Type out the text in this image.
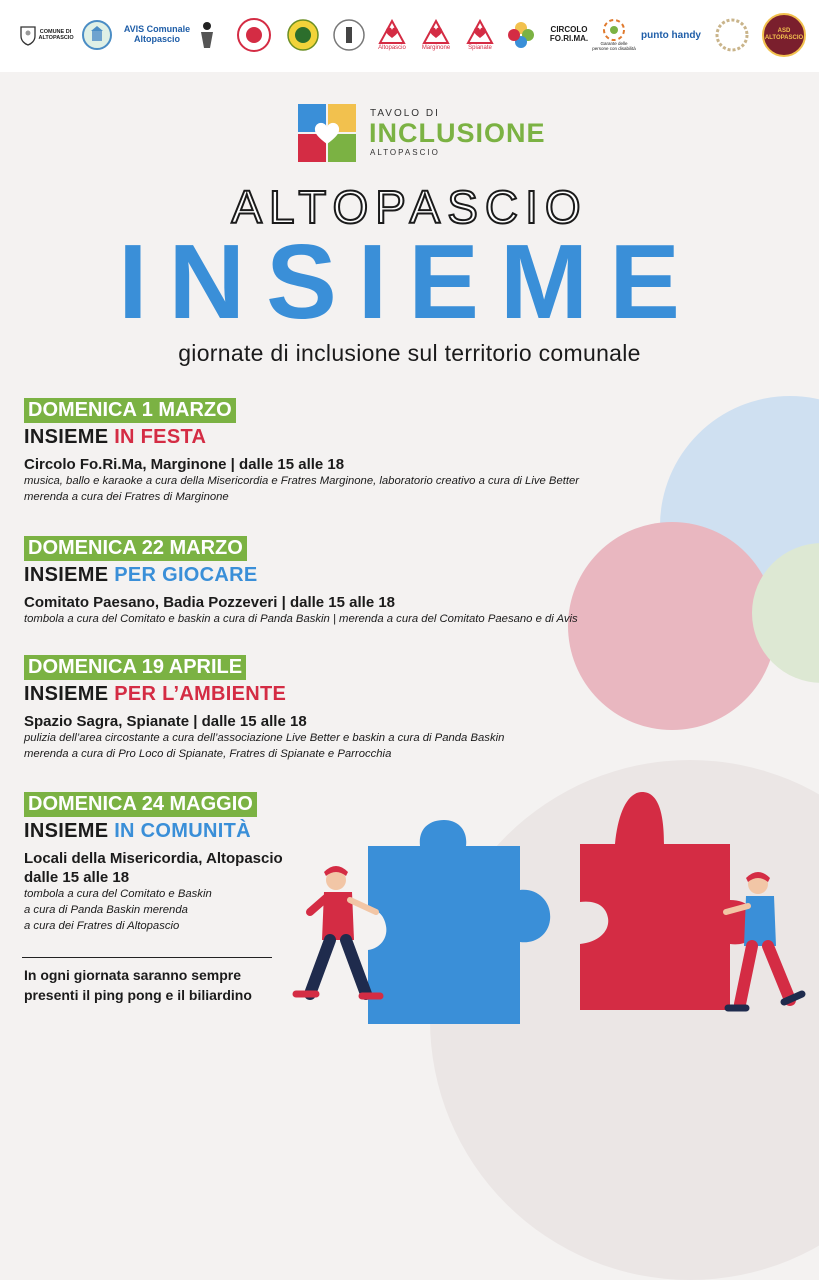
COMUNE DI ALTOPASCIO
AVIS Comunale Altopascio
Altopascio	Marginone	Spianate
CIRCOLO FO.RI.MA.
Garante delle persone con disabilità
punto handy	ASD ALTOPASCIO
TAVOLO DI
INCLUSIONE
ALTOPASCIO
ALTOPASCIO
INSIEME
giornate di inclusione sul territorio comunale
DOMENICA 1 MARZO
INSIEME IN FESTA
Circolo Fo.Ri.Ma, Marginone | dalle 15 alle 18
musica, ballo e karaoke a cura della Misericordia e Fratres Marginone, laboratorio creativo a cura di Live Better
merenda a cura dei Fratres di Marginone
DOMENICA 22 MARZO
INSIEME PER GIOCARE
Comitato Paesano, Badia Pozzeveri | dalle 15 alle 18
tombola a cura del Comitato e baskin a cura di Panda Baskin | merenda a cura del Comitato Paesano e di Avis
DOMENICA 19 APRILE
INSIEME PER L’AMBIENTE
Spazio Sagra, Spianate | dalle 15 alle 18
pulizia dell’area circostante a cura dell’associazione Live Better e baskin a cura di Panda Baskin
merenda a cura di Pro Loco di Spianate, Fratres di Spianate e Parrocchia
DOMENICA 24 MAGGIO
INSIEME IN COMUNITÀ
Locali della Misericordia, Altopascio
dalle 15 alle 18
tombola a cura del Comitato e Baskin
a cura di Panda Baskin merenda
a cura dei Fratres di Altopascio
In ogni giornata saranno sempre
presenti il ping pong e il biliardino
